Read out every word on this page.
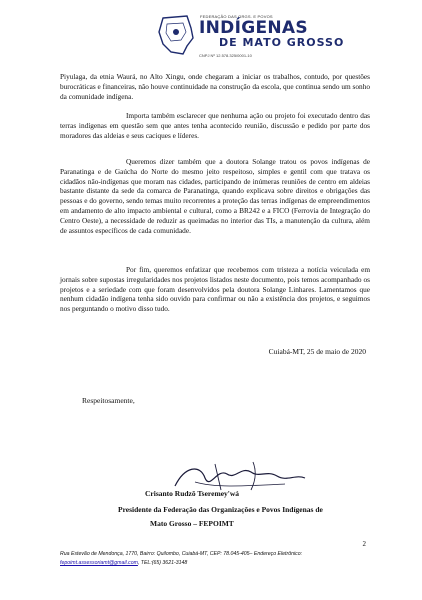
FEDERAÇÃO DAS ORGS. E POVOS
INDÍGENAS
DE MATO GROSSO
CNPJ Nº 12.578.325/0001-10

Piyulaga, da etnia Waurá, no Alto Xingu, onde chegaram a iniciar os trabalhos, contudo, por questões burocráticas e financeiras, não houve continuidade na construção da escola, que continua sendo um sonho da comunidade indígena.

Importa também esclarecer que nenhuma ação ou projeto foi executado dentro das terras indígenas em questão sem que antes tenha acontecido reunião, discussão e pedido por parte dos moradores das aldeias e seus caciques e líderes.

Queremos dizer também que a doutora Solange tratou os povos indígenas de Paranatinga e de Gaúcha do Norte do mesmo jeito respeitoso, simples e gentil com que tratava os cidadãos não-indígenas que moram nas cidades, participando de inúmeras reuniões de centro em aldeias bastante distante da sede da comarca de Paranatinga, quando explicava sobre direitos e obrigações das pessoas e do governo, sendo temas muito recorrentes a proteção das terras indígenas de empreendimentos em andamento de alto impacto ambiental e cultural, como a BR242 e a FICO (Ferrovia de Integração do Centro Oeste), a necessidade de reduzir as queimadas no interior das TIs, a manutenção da cultura, além de assuntos específicos de cada comunidade.

Por fim, queremos enfatizar que recebemos com tristeza a notícia veiculada em jornais sobre supostas irregularidades nos projetos listados neste documento, pois temos acompanhado os projetos e a seriedade com que foram desenvolvidos pela doutora Solange Linhares. Lamentamos que nenhum cidadão indígena tenha sido ouvido para confirmar ou não a existência dos projetos, e seguimos nos perguntando o motivo disso tudo.

Cuiabá-MT, 25 de maio de 2020
Respeitosamente,
Crisanto Rudzõ Tseremey'wá
Presidente da Federação das Organizações e Povos Indígenas de
Mato Grosso – FEPOIMT
2
Rua Estevão de Mendonça, 1770, Bairro: Quilombo, Cuiabá-MT, CEP: 78.045-405– Endereço Eletrônico:
fepoimt.assessoriamt@gmail.com, TEL:(65) 3621-3148
